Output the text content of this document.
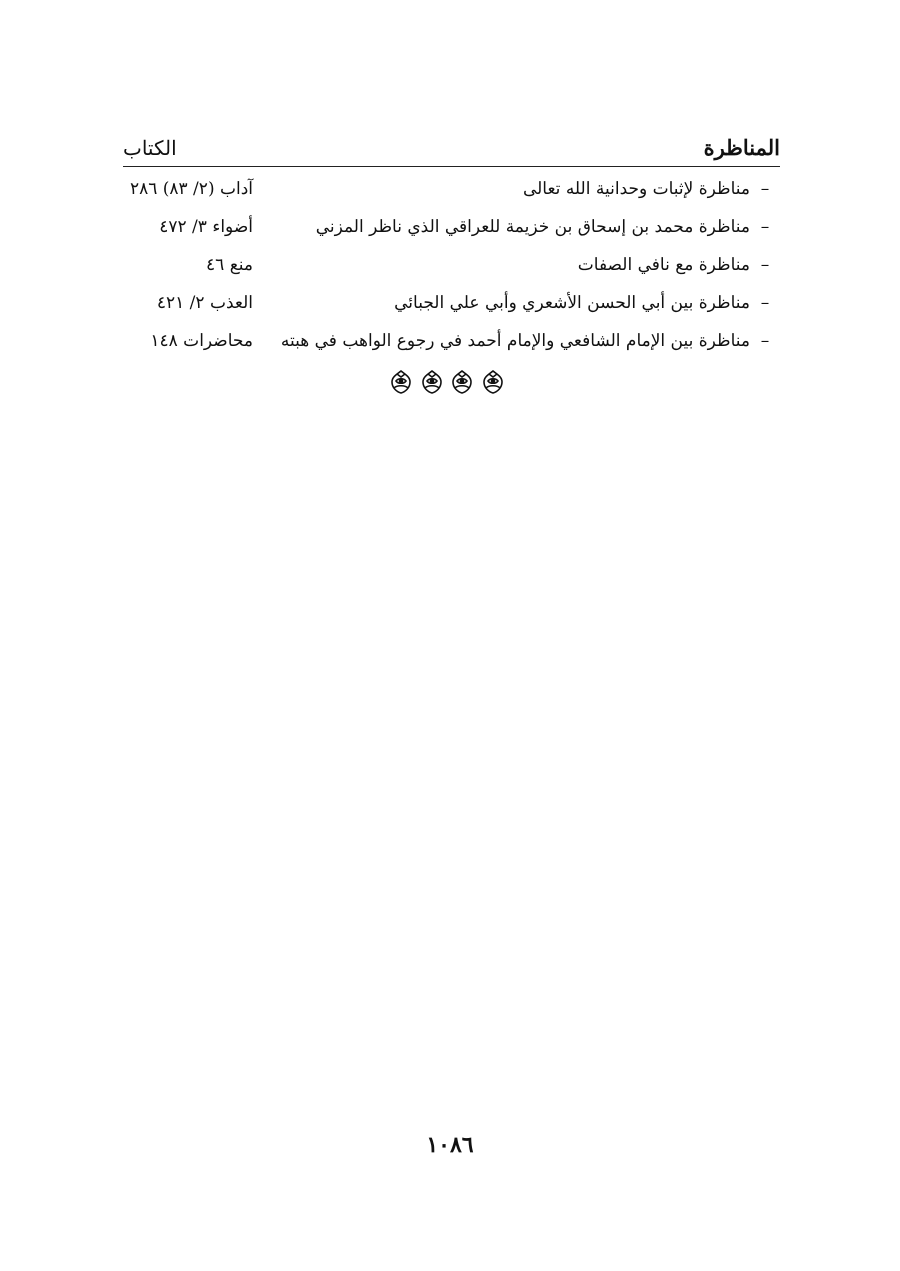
المناظرة
الكتاب
–
مناظرة لإثبات وحدانية الله تعالى
آداب (٢/ ٨٣) ٢٨٦
–
مناظرة محمد بن إسحاق بن خزيمة للعراقي الذي ناظر المزني
أضواء ٣/ ٤٧٢
–
مناظرة مع نافي الصفات
منع ٤٦
–
مناظرة بين أبي الحسن الأشعري وأبي علي الجبائي
العذب ٢/ ٤٢١
–
مناظرة بين الإمام الشافعي والإمام أحمد في رجوع الواهب في هبته
محاضرات ١٤٨
١٠٨٦
